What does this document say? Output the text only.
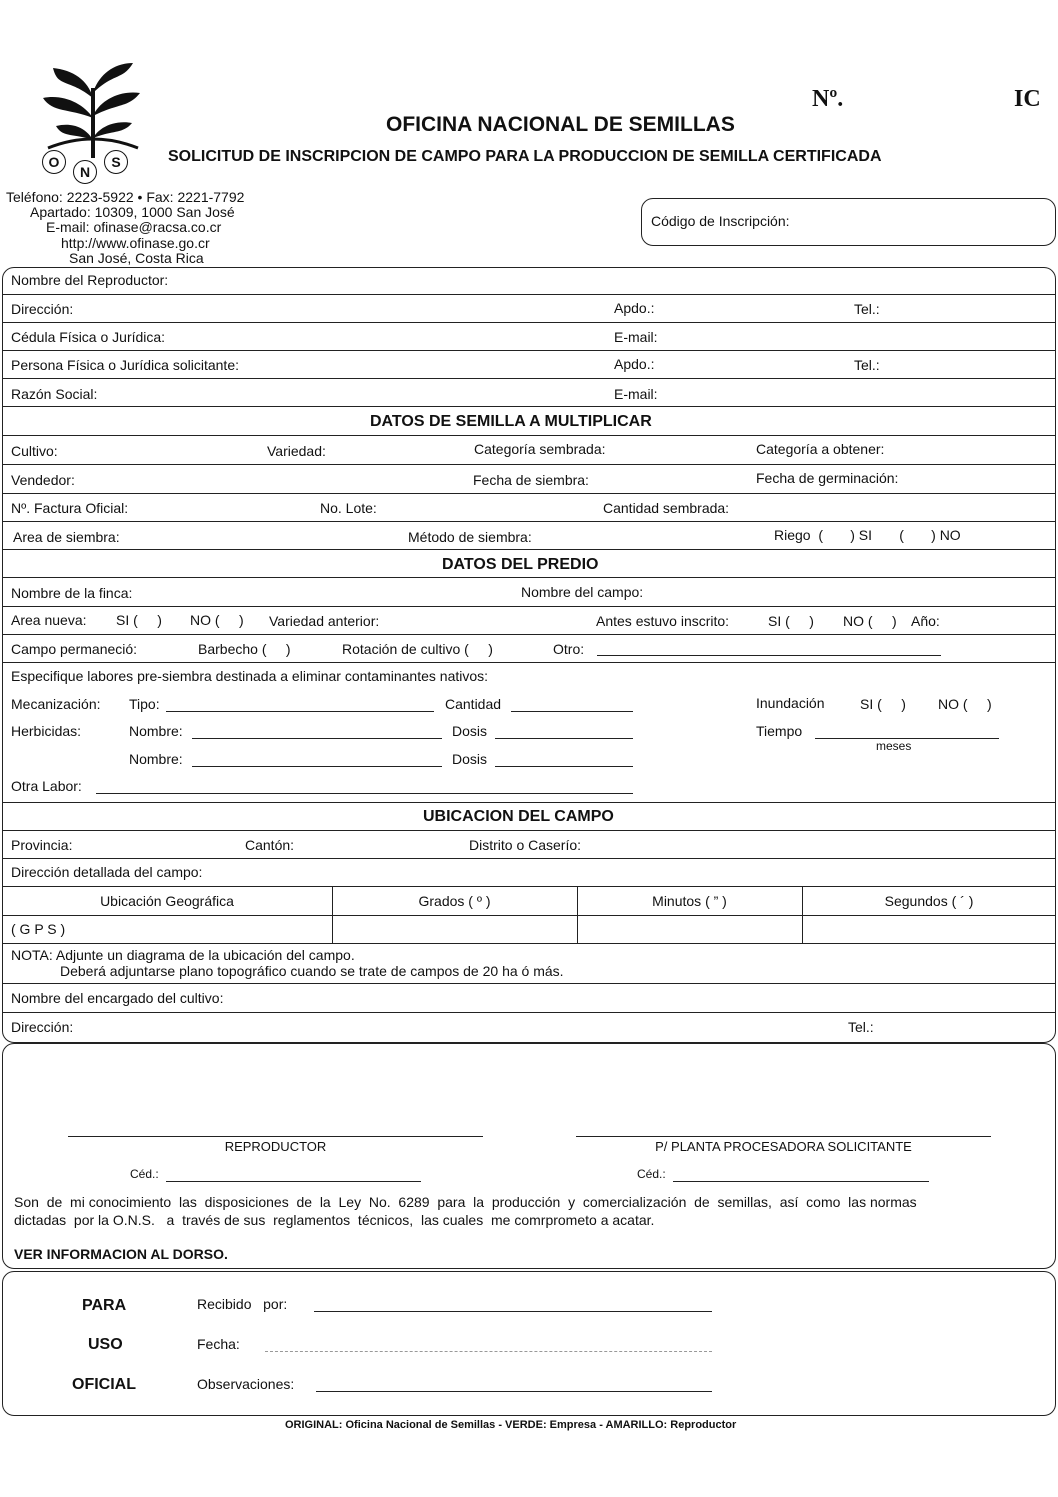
O
N
S
Nº.	IC
OFICINA NACIONAL DE SEMILLAS
SOLICITUD DE INSCRIPCION DE CAMPO PARA LA PRODUCCION DE SEMILLA CERTIFICADA
Teléfono: 2223-5922 • Fax: 2221-7792
Apartado: 10309, 1000 San José
E-mail: ofinase@racsa.co.cr
http://www.ofinase.go.cr
San José, Costa Rica
Código de Inscripción:
Nombre del Reproductor:
Dirección:	Apdo.:	Tel.:
Cédula Física o Jurídica:	E-mail:
Persona Física o Jurídica solicitante:	Apdo.:	Tel.:
Razón Social:	E-mail:
DATOS DE SEMILLA A MULTIPLICAR
Cultivo:	Variedad:	Categoría sembrada:	Categoría a obtener:
Vendedor:	Fecha de siembra:	Fecha de germinación:
Nº. Factura Oficial:	No. Lote:	Cantidad sembrada:
Area de siembra:	Método de siembra:	Riego  (       ) SI       (       ) NO
DATOS DEL PREDIO
Nombre de la finca:	Nombre del campo:
Area nueva: SI (     ) NO (     ) Variedad anterior:	Antes estuvo inscrito:	SI (     ) NO (     ) Año:
Campo permaneció:	Barbecho (     )	Rotación de cultivo (     )	Otro:
Especifique labores pre-siembra destinada a eliminar contaminantes nativos:
Mecanización: Tipo:	Cantidad	Inundación	SI (     ) NO (     )
Herbicidas:	Nombre:	Dosis	Tiempo
meses
Nombre:	Dosis
Otra Labor:
UBICACION DEL CAMPO
Provincia:	Cantón:	Distrito o Caserío:
Dirección detallada del campo:
Ubicación Geográfica	Grados ( º )	Minutos ( ” )	Segundos ( ´ )
( G P S )
NOTA: Adjunte un diagrama de la ubicación del campo.
Deberá adjuntarse plano topográfico cuando se trate de campos de 20 ha ó más.
Nombre del encargado del cultivo:
Dirección:	Tel.:
REPRODUCTOR	P/ PLANTA PROCESADORA SOLICITANTE
Céd.:	Céd.:
Son  de  mi conocimiento  las  disposiciones  de  la  Ley  No.  6289  para  la  producción  y  comercialización  de  semillas,  así  como  las normas
dictadas  por la O.N.S.   a  través de sus  reglamentos  técnicos,  las cuales  me comrprometo a acatar.
VER INFORMACION AL DORSO.
PARA
USO
OFICIAL
Recibido   por:
Fecha:
Observaciones:
ORIGINAL: Oficina Nacional de Semillas - VERDE: Empresa - AMARILLO: Reproductor
